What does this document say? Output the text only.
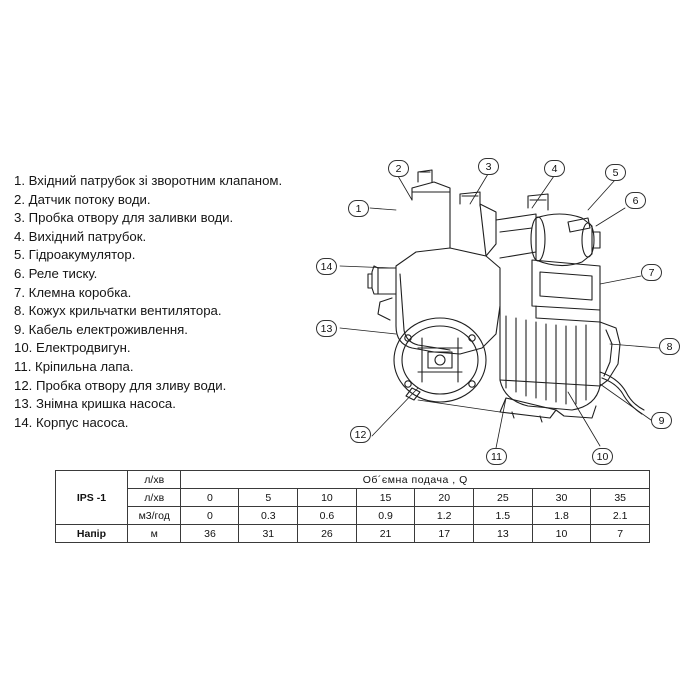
1. Вхідний патрубок зі зворотним клапаном.
2. Датчик потоку води.
3. Пробка отвору для заливки води.
4. Вихідний патрубок.
5. Гідроакумулятор.
6. Реле тиску.
7. Клемна коробка.
8. Кожух крильчатки вентилятора.
9. Кабель електроживлення.
10. Електродвигун.
11. Кріпильна лапа.
12. Пробка отвору для зливу води.
13. Знімна кришка насоса.
14. Корпус насоса.
1
2	3	4	5
6
7
8
9
10
11
12
13
14
IPS -1	л/хв	Об´ємна подача , Q							
	л/хв	0	5	10	15	20	25	30	35
	м3/год	0	0.3	0.6	0.9	1.2	1.5	1.8	2.1
Напір	м	36	31	26	21	17	13	10	7
